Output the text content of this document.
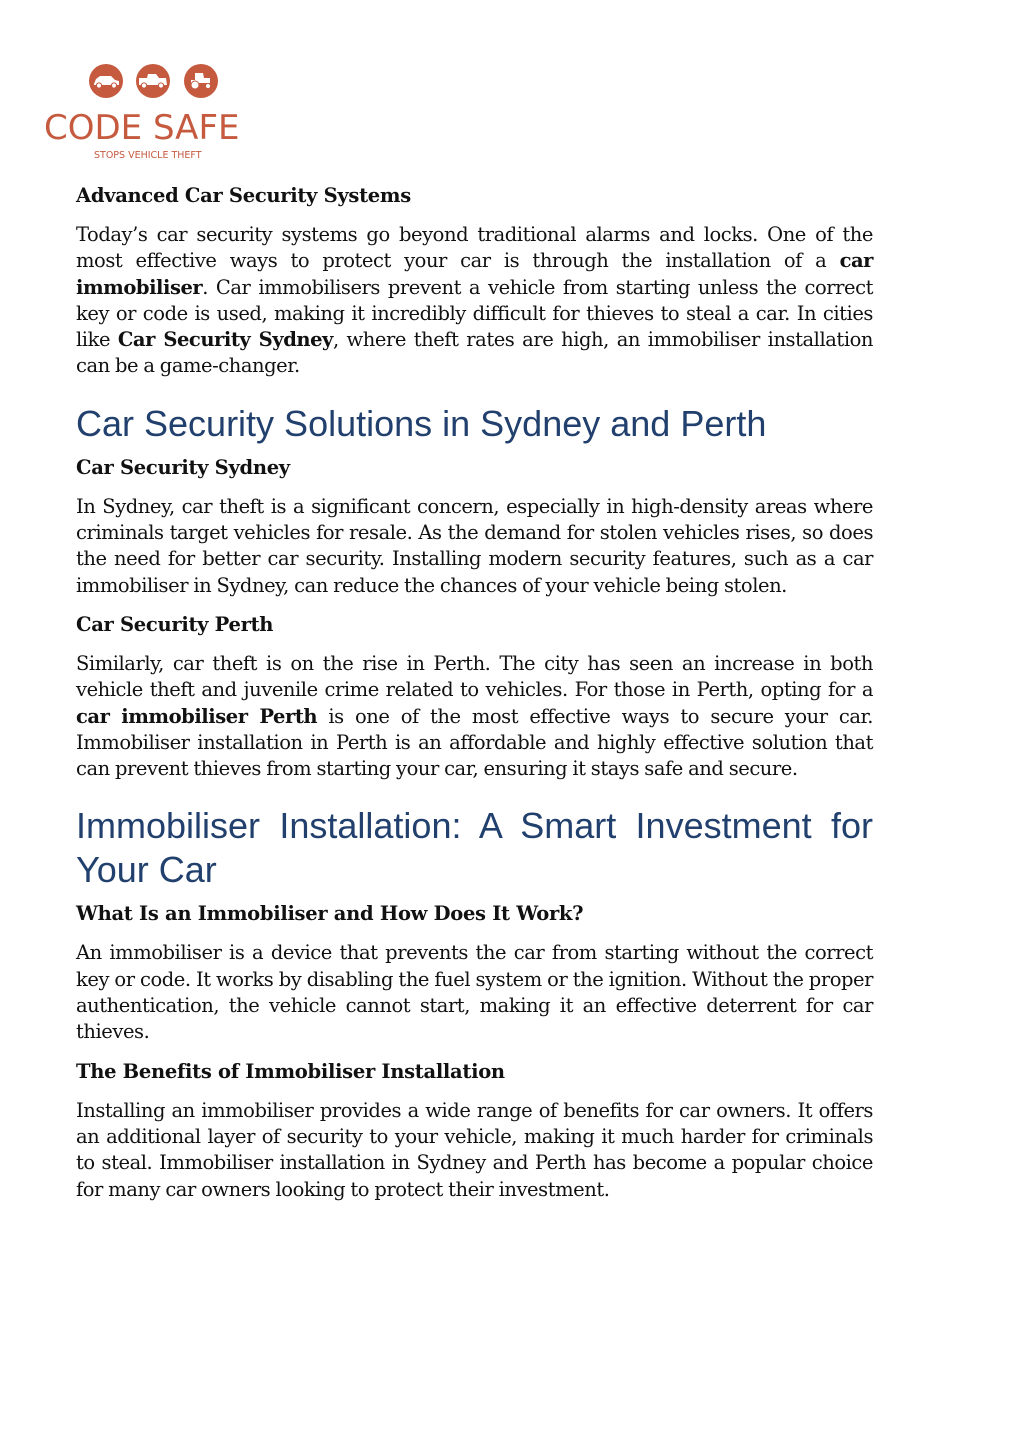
CODE SAFE
STOPS VEHICLE THEFT
Advanced Car Security Systems

Today’s car security systems go beyond traditional alarms and locks. One of the most effective ways to protect your car is through the installation of a car immobiliser. Car immobilisers prevent a vehicle from starting unless the correct key or code is used, making it incredibly difficult for thieves to steal a car. In cities like Car Security Sydney, where theft rates are high, an immobiliser installation can be a game-changer.

Car Security Solutions in Sydney and Perth
Car Security Sydney

In Sydney, car theft is a significant concern, especially in high-density areas where criminals target vehicles for resale. As the demand for stolen vehicles rises, so does the need for better car security. Installing modern security features, such as a car immobiliser in Sydney, can reduce the chances of your vehicle being stolen.

Car Security Perth

Similarly, car theft is on the rise in Perth. The city has seen an increase in both vehicle theft and juvenile crime related to vehicles. For those in Perth, opting for a car immobiliser Perth is one of the most effective ways to secure your car. Immobiliser installation in Perth is an affordable and highly effective solution that can prevent thieves from starting your car, ensuring it stays safe and secure.

Immobiliser Installation: A Smart Investment for Your Car
What Is an Immobiliser and How Does It Work?

An immobiliser is a device that prevents the car from starting without the correct key or code. It works by disabling the fuel system or the ignition. Without the proper authentication, the vehicle cannot start, making it an effective deterrent for car thieves.

The Benefits of Immobiliser Installation

Installing an immobiliser provides a wide range of benefits for car owners. It offers an additional layer of security to your vehicle, making it much harder for criminals to steal. Immobiliser installation in Sydney and Perth has become a popular choice for many car owners looking to protect their investment.
